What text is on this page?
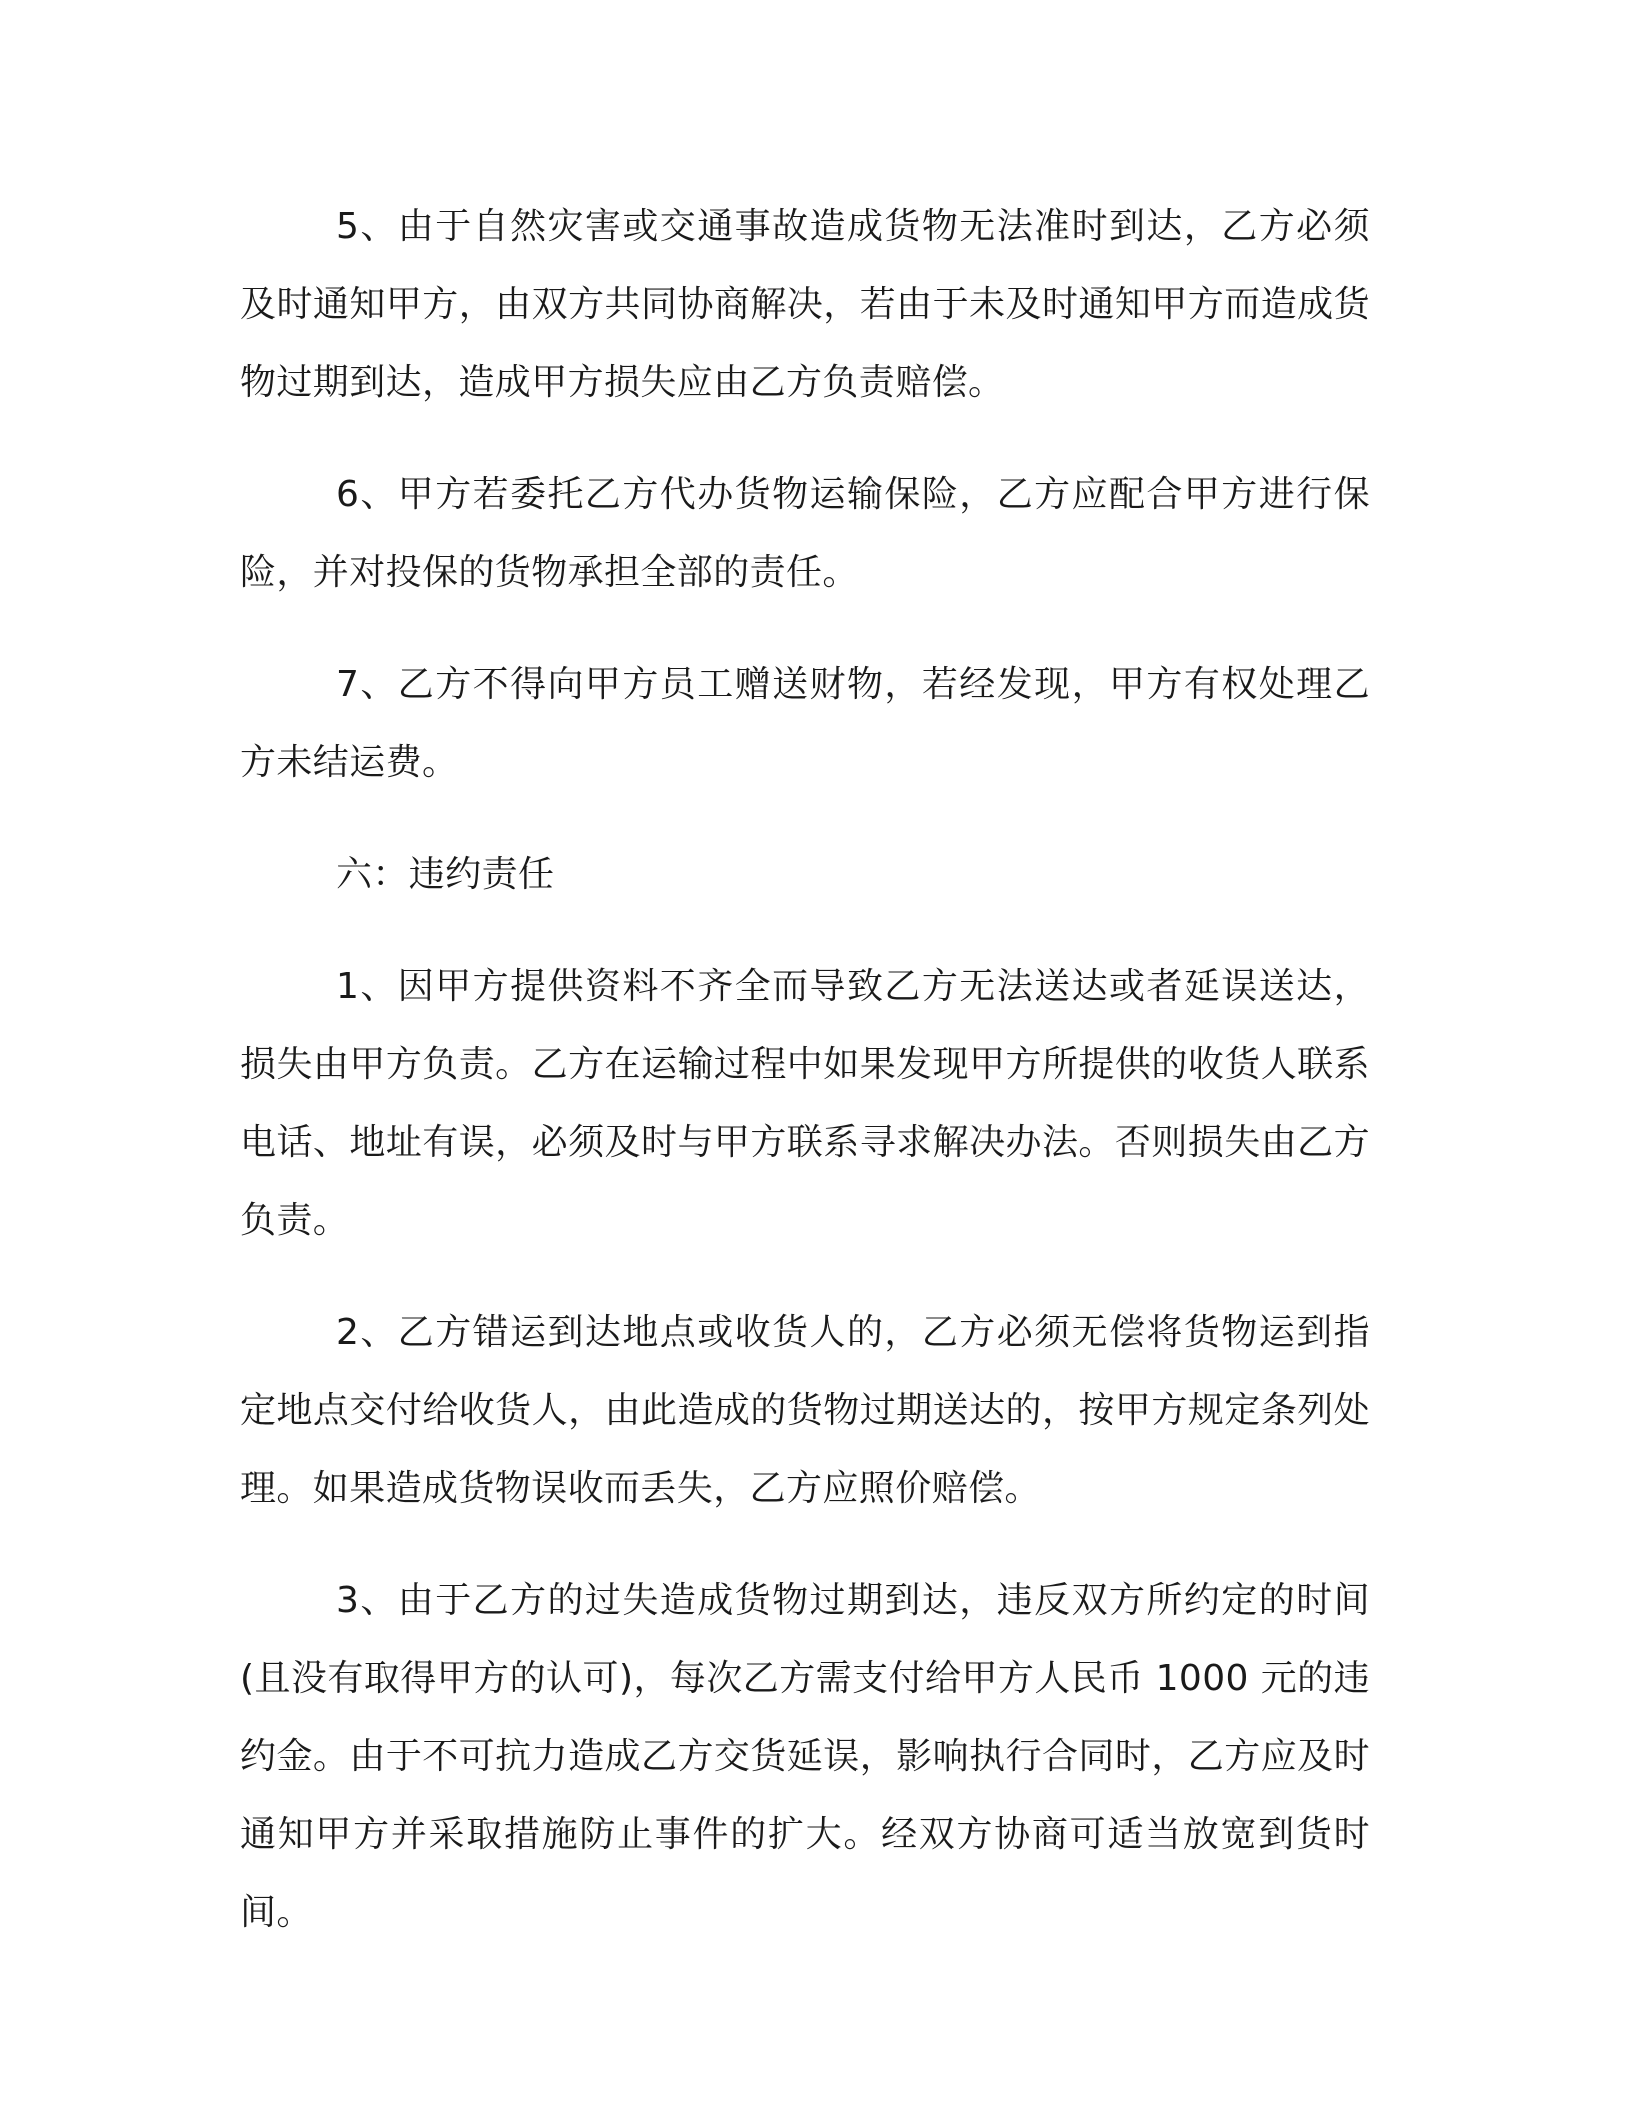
5、由于自然灾害或交通事故造成货物无法准时到达，乙方必须及时通知甲方，由双方共同协商解决，若由于未及时通知甲方而造成货物过期到达，造成甲方损失应由乙方负责赔偿。

6、甲方若委托乙方代办货物运输保险，乙方应配合甲方进行保险，并对投保的货物承担全部的责任。

7、乙方不得向甲方员工赠送财物，若经发现，甲方有权处理乙方未结运费。

六：违约责任

1、因甲方提供资料不齐全而导致乙方无法送达或者延误送达，损失由甲方负责。乙方在运输过程中如果发现甲方所提供的收货人联系电话、地址有误，必须及时与甲方联系寻求解决办法。否则损失由乙方负责。

2、乙方错运到达地点或收货人的，乙方必须无偿将货物运到指定地点交付给收货人，由此造成的货物过期送达的，按甲方规定条列处理。如果造成货物误收而丢失，乙方应照价赔偿。

3、由于乙方的过失造成货物过期到达，违反双方所约定的时间(且没有取得甲方的认可)，每次乙方需支付给甲方人民币 1000 元的违约金。由于不可抗力造成乙方交货延误，影响执行合同时，乙方应及时通知甲方并采取措施防止事件的扩大。经双方协商可适当放宽到货时间。
